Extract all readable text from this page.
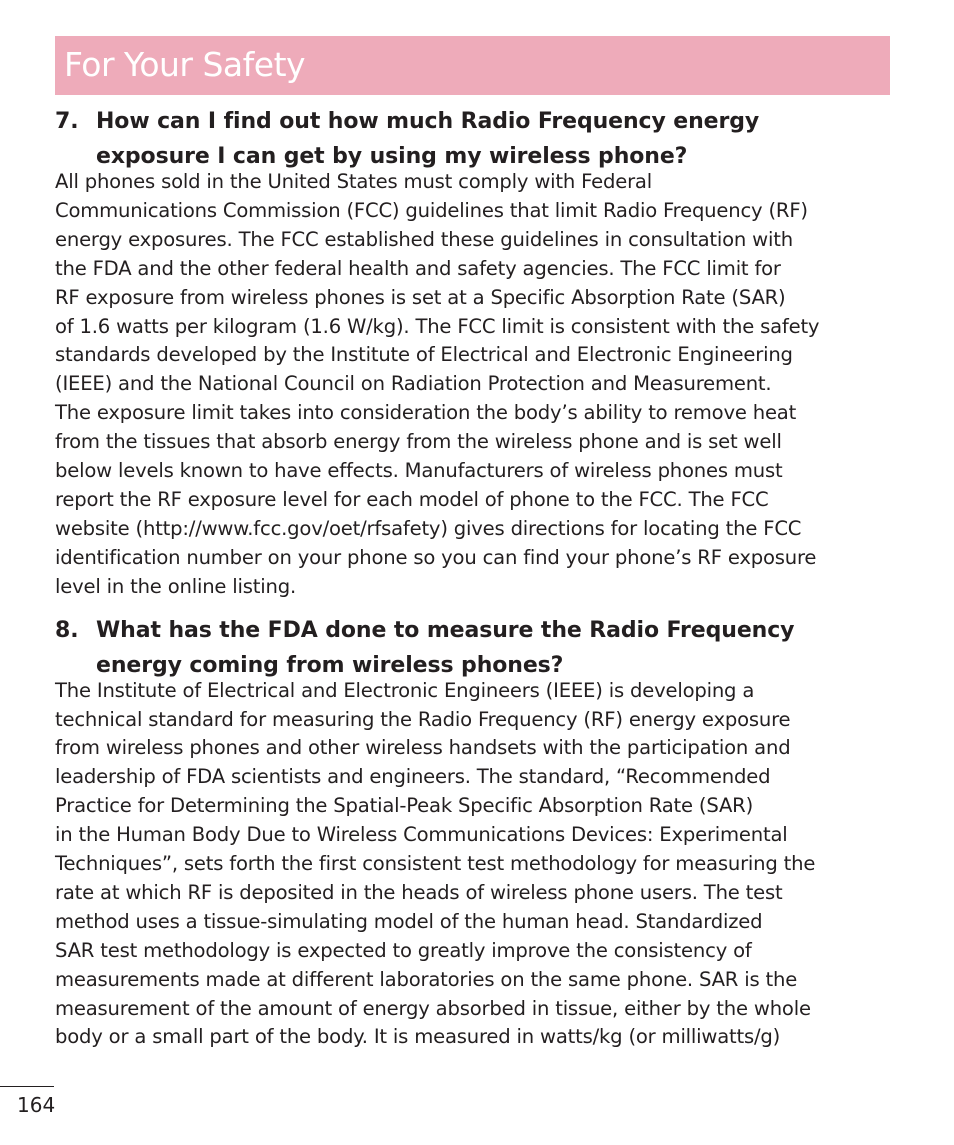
For Your Safety
7. How can I find out how much Radio Frequency energy
exposure I can get by using my wireless phone?
All phones sold in the United States must comply with Federal
Communications Commission (FCC) guidelines that limit Radio Frequency (RF)
energy exposures. The FCC established these guidelines in consultation with
the FDA and the other federal health and safety agencies. The FCC limit for
RF exposure from wireless phones is set at a Specific Absorption Rate (SAR)
of 1.6 watts per kilogram (1.6 W/kg). The FCC limit is consistent with the safety
standards developed by the Institute of Electrical and Electronic Engineering
(IEEE) and the National Council on Radiation Protection and Measurement.
The exposure limit takes into consideration the body’s ability to remove heat
from the tissues that absorb energy from the wireless phone and is set well
below levels known to have effects. Manufacturers of wireless phones must
report the RF exposure level for each model of phone to the FCC. The FCC
website (http://www.fcc.gov/oet/rfsafety) gives directions for locating the FCC
identification number on your phone so you can find your phone’s RF exposure
level in the online listing.
8. What has the FDA done to measure the Radio Frequency
energy coming from wireless phones?
The Institute of Electrical and Electronic Engineers (IEEE) is developing a
technical standard for measuring the Radio Frequency (RF) energy exposure
from wireless phones and other wireless handsets with the participation and
leadership of FDA scientists and engineers. The standard, “Recommended
Practice for Determining the Spatial-Peak Specific Absorption Rate (SAR)
in the Human Body Due to Wireless Communications Devices: Experimental
Techniques”, sets forth the first consistent test methodology for measuring the
rate at which RF is deposited in the heads of wireless phone users. The test
method uses a tissue-simulating model of the human head. Standardized
SAR test methodology is expected to greatly improve the consistency of
measurements made at different laboratories on the same phone. SAR is the
measurement of the amount of energy absorbed in tissue, either by the whole
body or a small part of the body. It is measured in watts/kg (or milliwatts/g)
164
